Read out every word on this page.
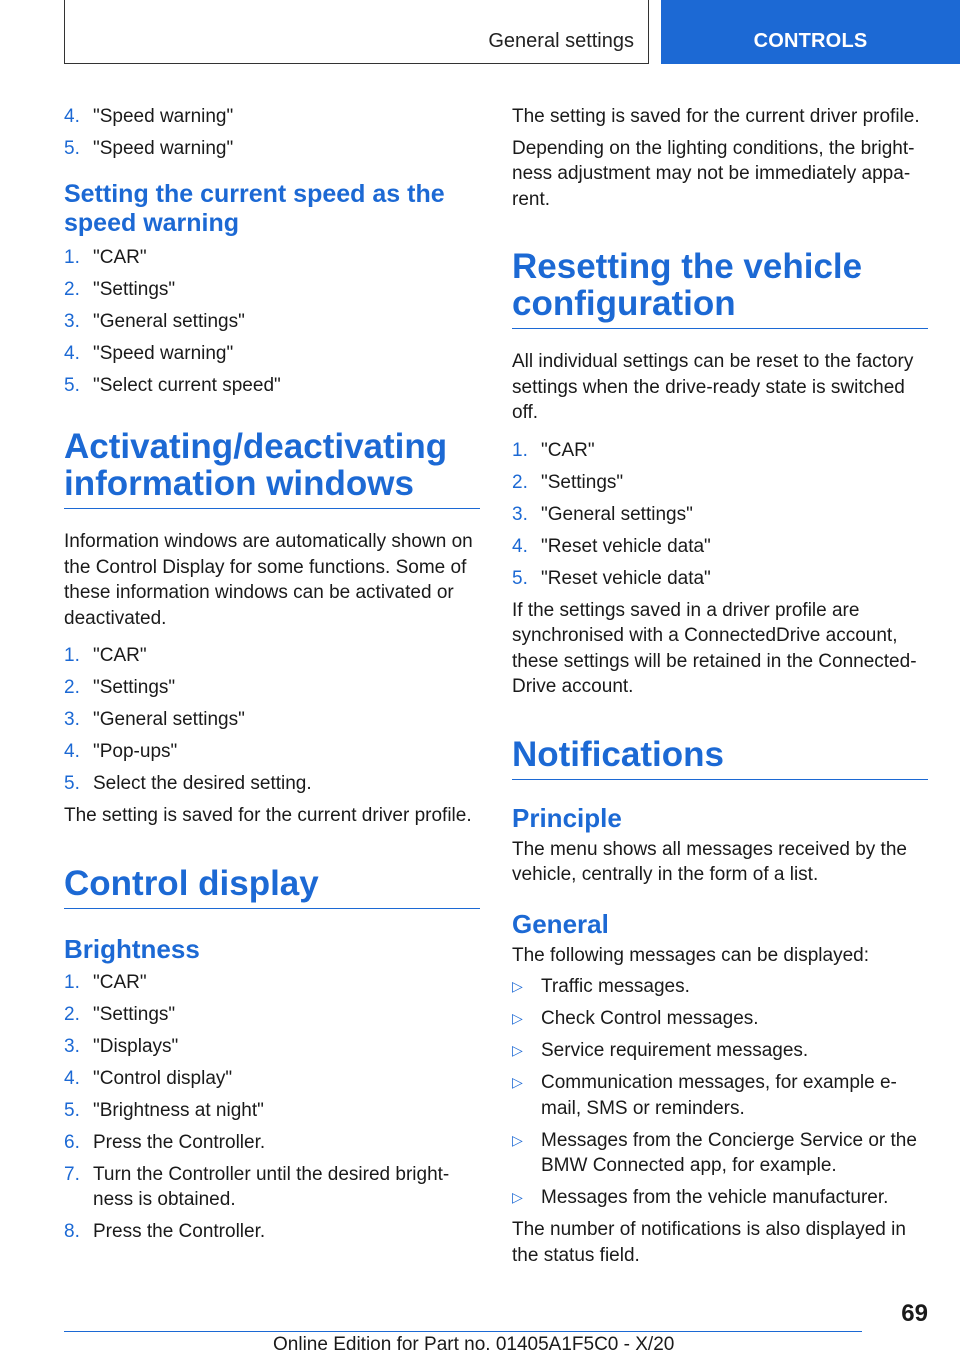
General settings	CONTROLS
4. "Speed warning"
5. "Speed warning"
Setting the current speed as the speed warning
1. "CAR"
2. "Settings"
3. "General settings"
4. "Speed warning"
5. "Select current speed"
Activating/deactivating information windows

Information windows are automatically shown on the Control Display for some functions. Some of these information windows can be activated or deactivated.

1. "CAR"
2. "Settings"
3. "General settings"
4. "Pop-ups"
5. Select the desired setting.

The setting is saved for the current driver profile.

Control display
Brightness
1. "CAR"
2. "Settings"
3. "Displays"
4. "Control display"
5. "Brightness at night"
6. Press the Controller.
7. Turn the Controller until the desired bright‐ness is obtained.
8. Press the Controller.

The setting is saved for the current driver profile.

Depending on the lighting conditions, the bright‐ness adjustment may not be immediately appa‐rent.

Resetting the vehicle configuration

All individual settings can be reset to the factory settings when the drive-ready state is switched off.

1. "CAR"
2. "Settings"
3. "General settings"
4. "Reset vehicle data"
5. "Reset vehicle data"

If the settings saved in a driver profile are synchronised with a ConnectedDrive account, these settings will be retained in the Connected‐Drive account.

Notifications
Principle

The menu shows all messages received by the vehicle, centrally in the form of a list.

General

The following messages can be displayed:

▷ Traffic messages.
▷ Check Control messages.
▷ Service requirement messages.
▷ Communication messages, for example e-mail, SMS or reminders.
▷ Messages from the Concierge Service or the BMW Connected app, for example.
▷ Messages from the vehicle manufacturer.

The number of notifications is also displayed in the status field.

69
Online Edition for Part no. 01405A1F5C0 - X/20
